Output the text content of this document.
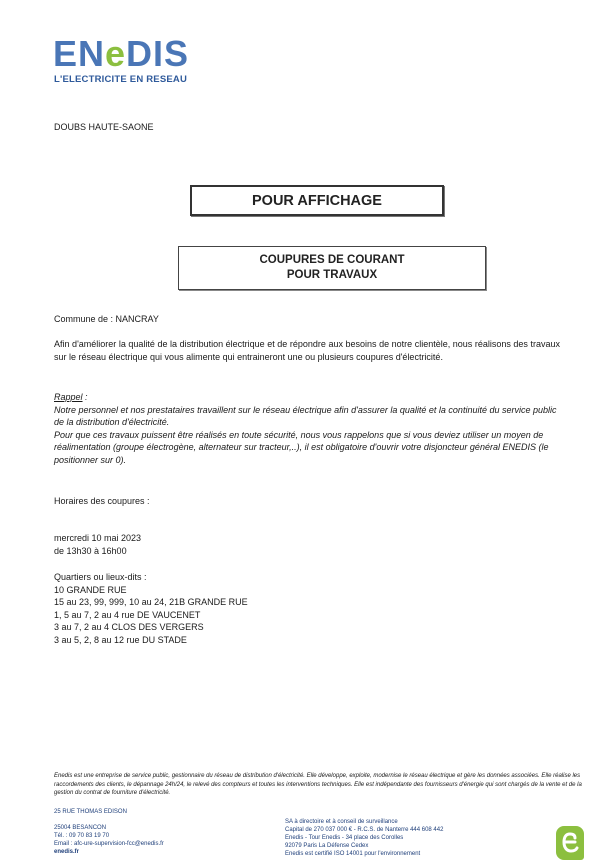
ENeDIS
L'ELECTRICITE EN RESEAU
DOUBS HAUTE-SAONE
POUR AFFICHAGE
COUPURES DE COURANT
POUR TRAVAUX
Commune de : NANCRAY
Afin d'améliorer la qualité de la distribution électrique et de répondre aux besoins de notre clientèle, nous réalisons des travaux sur le réseau électrique qui vous alimente qui entraineront une ou plusieurs coupures d'électricité.
Rappel :
Notre personnel et nos prestataires travaillent sur le réseau électrique afin d'assurer la qualité et la continuité du service public de la distribution d'électricité.
Pour que ces travaux puissent être réalisés en toute sécurité, nous vous rappelons que si vous deviez utiliser un moyen de réalimentation (groupe électrogène, alternateur sur tracteur,..), il est obligatoire d'ouvrir votre disjoncteur général ENEDIS (le positionner sur 0).
Horaires des coupures :
mercredi 10 mai 2023
de 13h30 à 16h00
Quartiers ou lieux-dits :
10 GRANDE RUE
15 au 23, 99, 999, 10 au 24, 21B GRANDE RUE
1, 5 au 7, 2 au 4 rue DE VAUCENET
3 au 7, 2 au 4 CLOS DES VERGERS
3 au 5, 2, 8 au 12 rue DU STADE
Enedis est une entreprise de service public, gestionnaire du réseau de distribution d'électricité. Elle développe, exploite, modernise le réseau électrique et gère les données associées. Elle réalise les raccordements des clients, le dépannage 24h/24, le relevé des compteurs et toutes les interventions techniques. Elle est indépendante des fournisseurs d'énergie qui sont chargés de la vente et de la gestion du contrat de fourniture d'électricité.
25 RUE THOMAS EDISON
25004 BESANCON
Tél. : 09 70 83 19 70
Email : afc-ure-supervision-fcc@enedis.fr
enedis.fr
SA à directoire et à conseil de surveillance
Capital de 270 037 000 € - R.C.S. de Nanterre 444 608 442
Enedis - Tour Enedis - 34 place des Corolles
92079 Paris La Défense Cedex
Enedis est certifié ISO 14001 pour l'environnement
